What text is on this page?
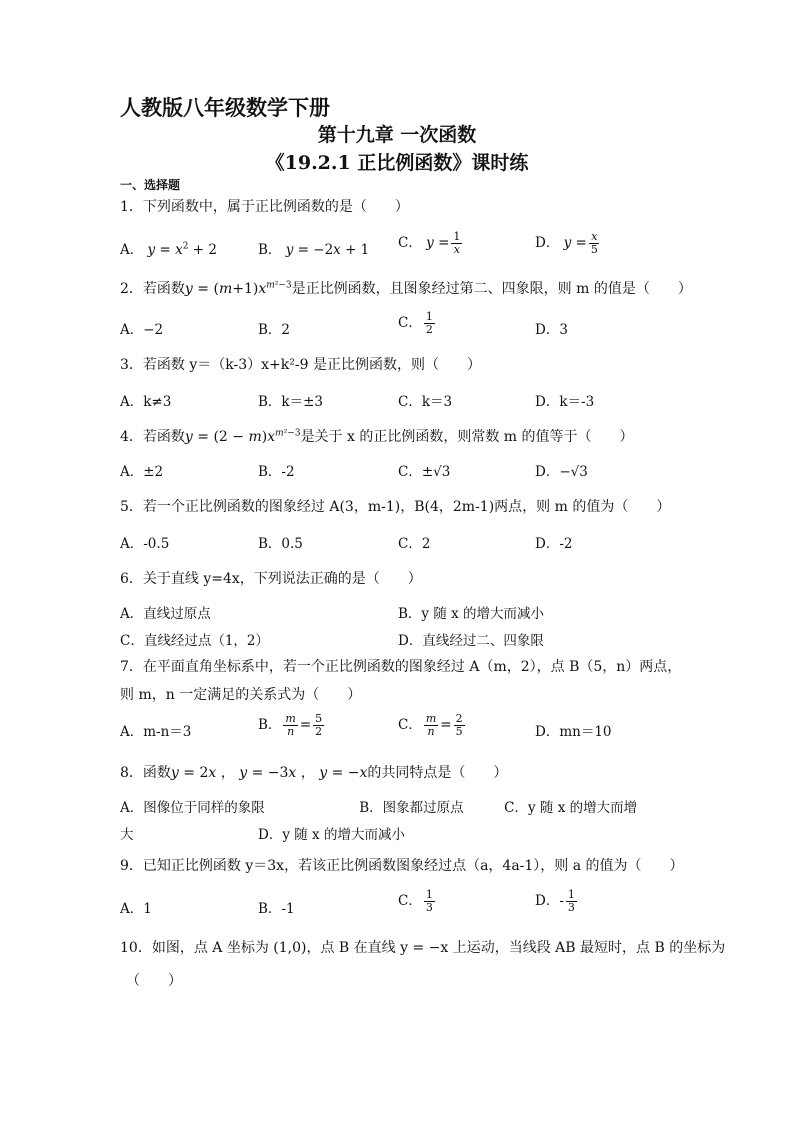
人教版八年级数学下册
第十九章 一次函数
《19.2.1 正比例函数》课时练
一、选择题
1．下列函数中，属于正比例函数的是（　　）
A． $y = x^2 + 2$	B． y = −2x + 1 C． $y = \frac{1}{x}$	D． $y = \frac{x}{5}$
2．若函数$y = (m+1)x^{m^2-3}$是正比例函数，且图象经过第二、四象限，则 m 的值是（　　）
A．−2	B．2	C． $\frac{1}{2}$	D．3
3．若函数 y＝（k-3）x+k²-9 是正比例函数，则（　　）
A．k≠3	B．k＝±3	C．k＝3	D．k＝-3
4．若函数$y = (2 - m)x^{m^2-3}$是关于 x 的正比例函数，则常数 m 的值等于（　　）
A．±2	B．-2	C．±√3	D．−√3
5．若一个正比例函数的图象经过 A(3，m-1)，B(4，2m-1)两点，则 m 的值为（　　）
A．-0.5	B．0.5	C．2	D．-2
6．关于直线 y=4x，下列说法正确的是（　　）
A．直线过原点	B．y 随 x 的增大而减小
C．直线经过点（1，2）	D．直线经过二、四象限
7．在平面直角坐标系中，若一个正比例函数的图象经过 A（m，2），点 B（5，n）两点，
则 m，n 一定满足的关系式为（　　）
A．m-n＝3	B． $\frac{m}{n} = \frac{5}{2}$	C． $\frac{m}{n} = \frac{2}{5}$	D．mn＝10
8．函数y = 2x ， y = −3x ， y = −x的共同特点是（　　）
A．图像位于同样的象限　　　　　　　B．图象都过原点　　　C．y 随 x 的增大而增
大	D．y 随 x 的增大而减小
9．已知正比例函数 y＝3x，若该正比例函数图象经过点（a，4a-1），则 a 的值为（　　）
A．1	B．-1	C． $\frac{1}{3}$	D．- $\frac{1}{3}$
10．如图，点 A 坐标为 (1,0)，点 B 在直线 y = −x 上运动，当线段 AB 最短时，点 B 的坐标为
（　　）
